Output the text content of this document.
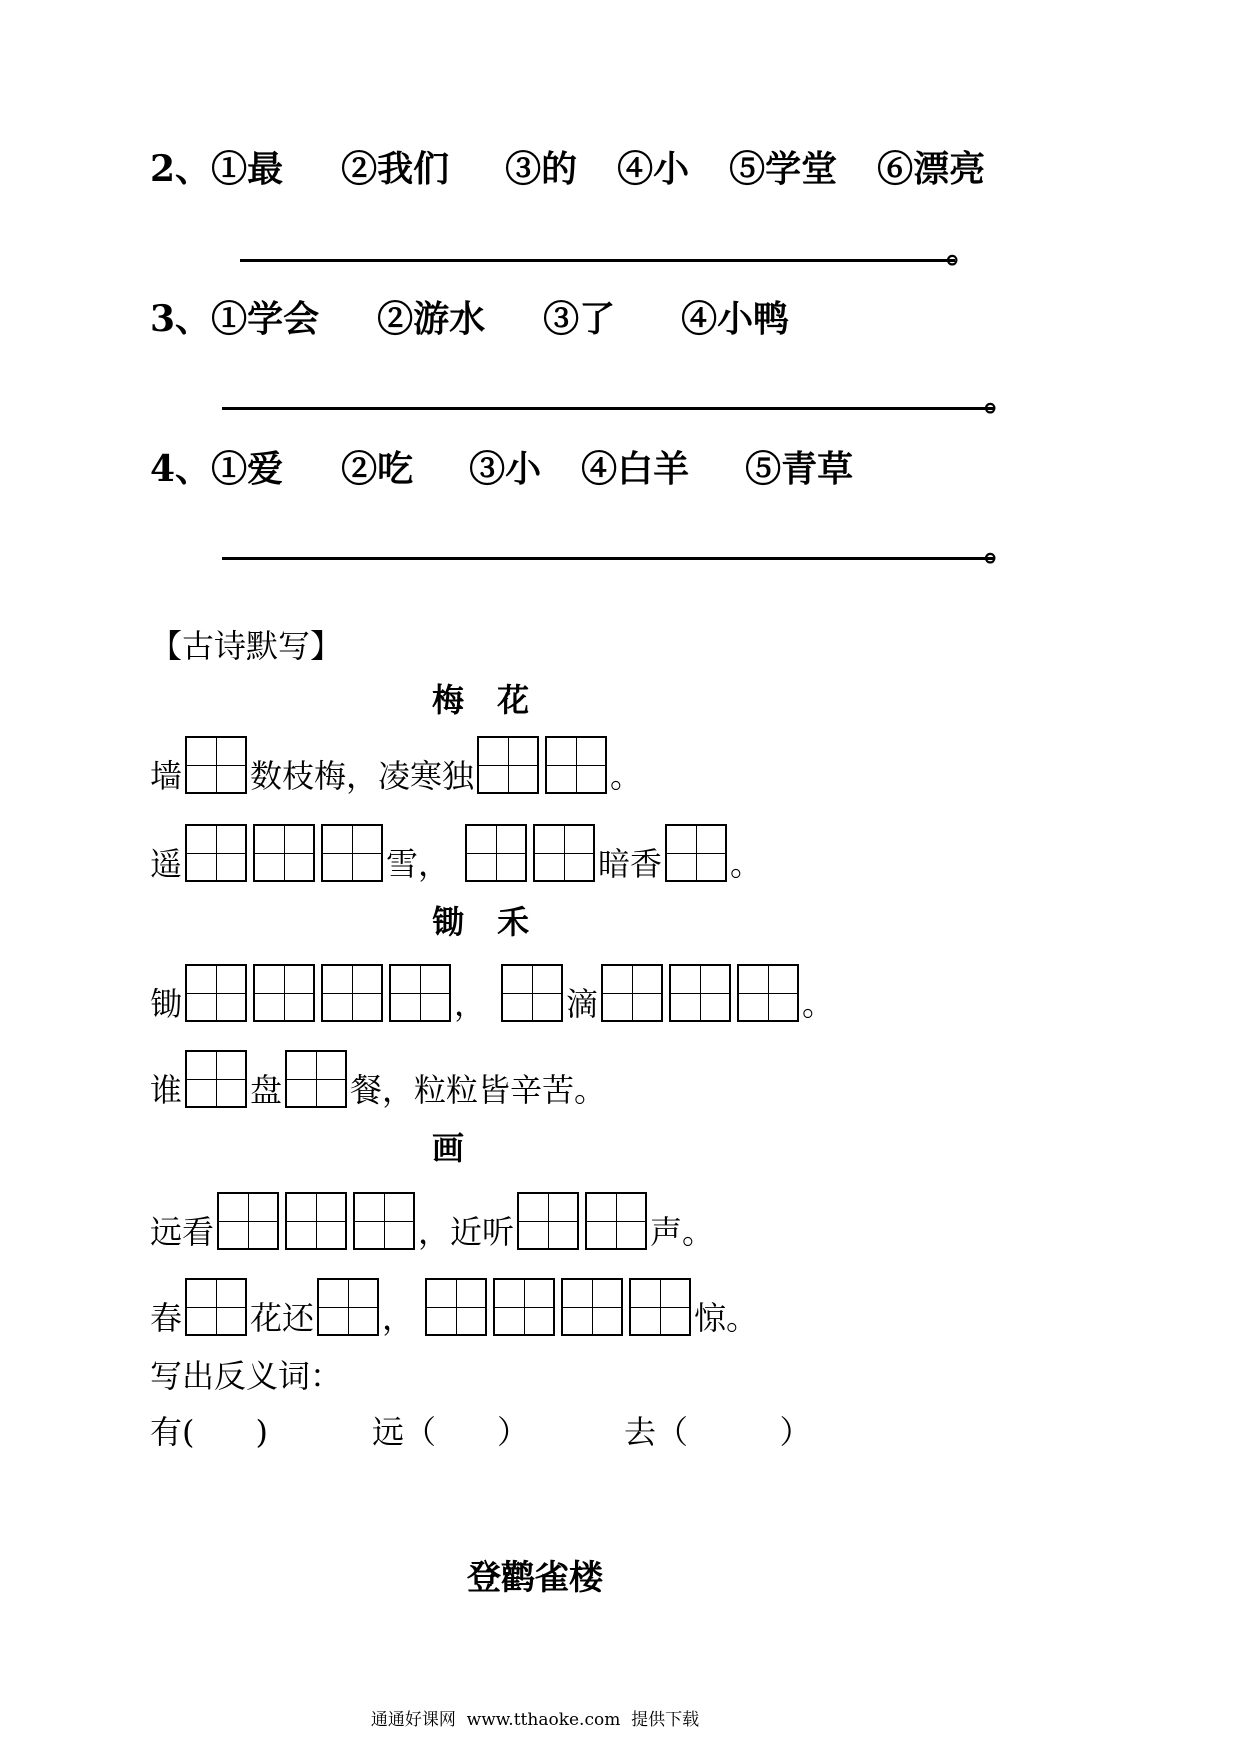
2、 ①最 ②我们 ③的 ④小 ⑤学堂 ⑥漂亮
。
3、 ①学会 ②游水 ③了 ④小鸭
。
4、 ①爱 ②吃 ③小 ④白羊 ⑤青草
。
【古诗默写】
梅 花
墙 数枝梅，凌寒独	。
遥	雪，	暗香 。
锄 禾
锄	，	滴	。
谁 盘 餐，粒粒皆辛苦。
画
远看	，近听	声。
春 花还 ，	惊。
写出反义词：
有(      )	远（      ）	去（         ）
登鹳雀楼
通通好课网  www.tthaoke.com  提供下载
